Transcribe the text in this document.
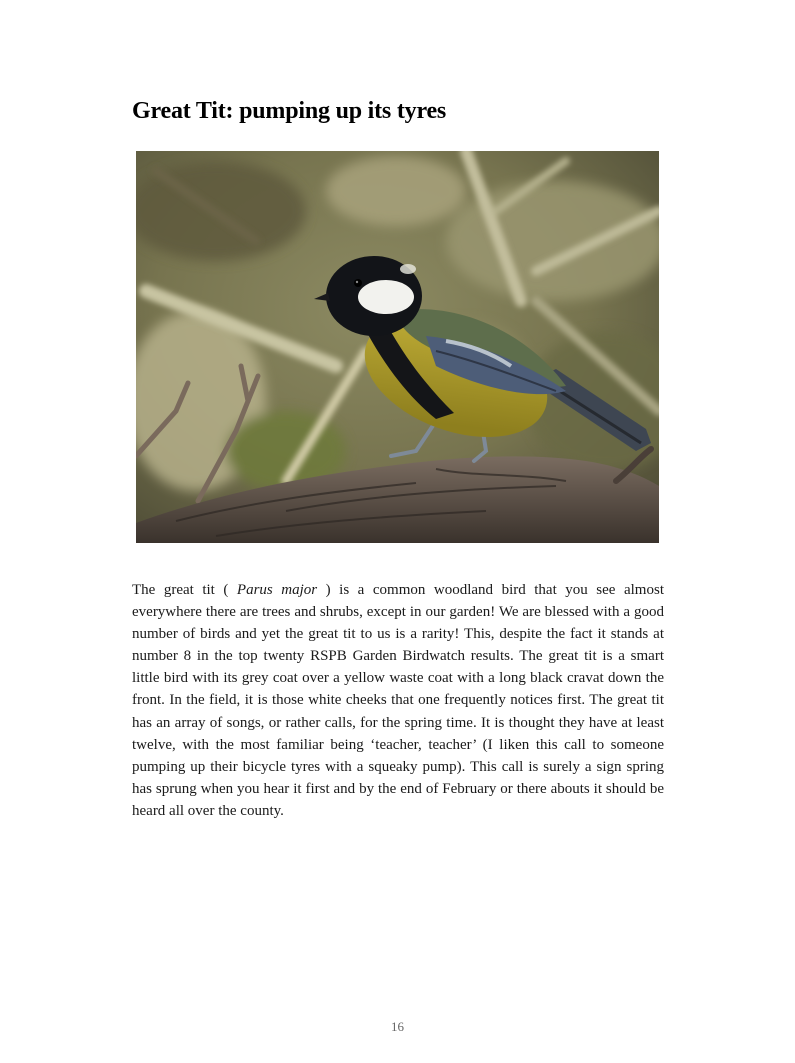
Great Tit: pumping up its tyres

The great tit ( Parus major ) is a common woodland bird that you see almost everywhere there are trees and shrubs, except in our garden! We are blessed with a good number of birds and yet the great tit to us is a rarity! This, despite the fact it stands at number 8 in the top twenty RSPB Garden Birdwatch results. The great tit is a smart little bird with its grey coat over a yellow waste coat with a long black cravat down the front. In the field, it is those white cheeks that one frequently notices first. The great tit has an array of songs, or rather calls, for the spring time. It is thought they have at least twelve, with the most familiar being ‘teacher, teacher’ (I liken this call to someone pumping up their bicycle tyres with a squeaky pump). This call is surely a sign spring has sprung when you hear it first and by the end of February or there abouts it should be heard all over the county.

16
